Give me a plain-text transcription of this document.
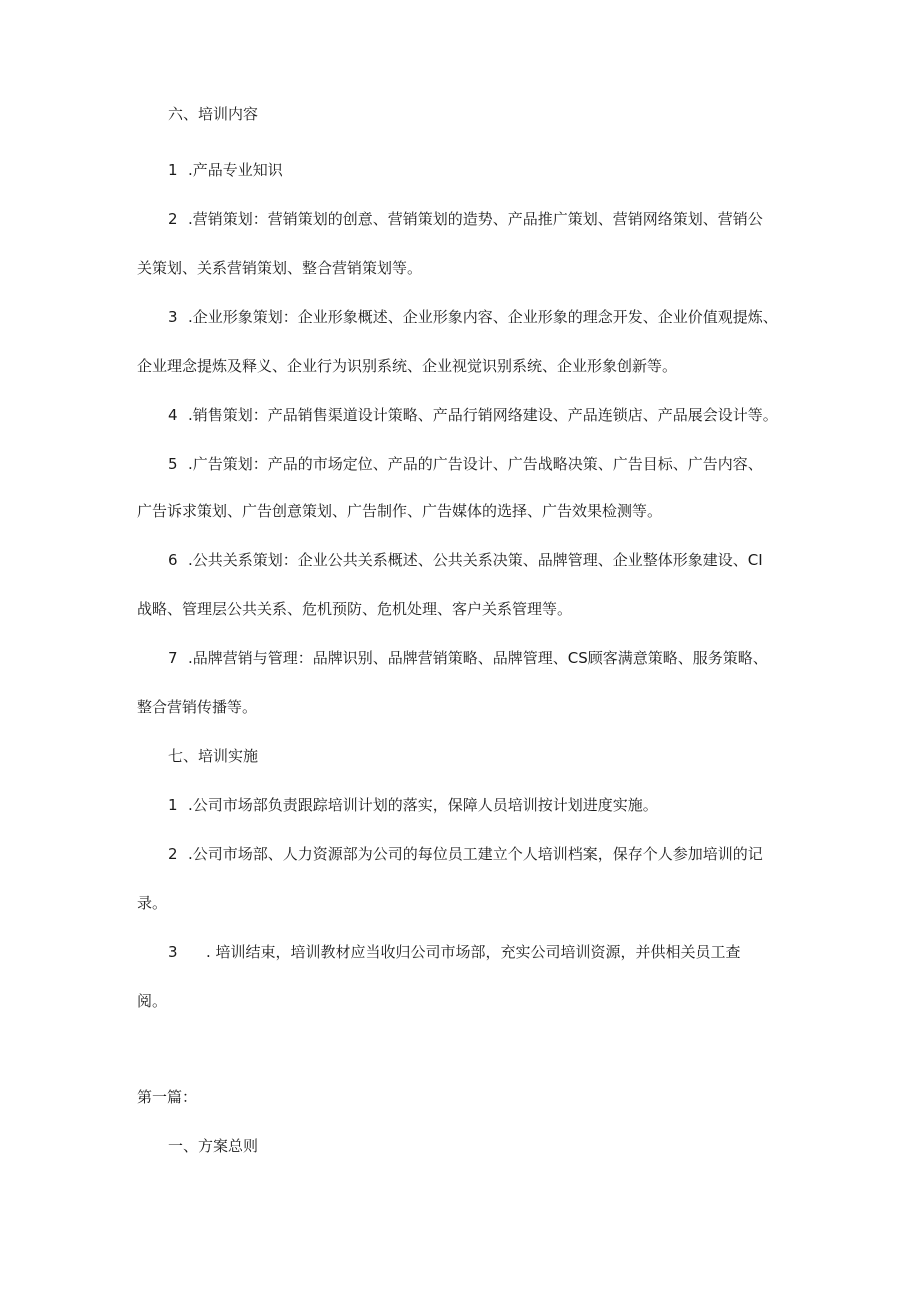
六、培训内容
1 .产品专业知识
2 .营销策划：营销策划的创意、营销策划的造势、产品推广策划、营销网络策划、营销公
关策划、关系营销策划、整合营销策划等。
3 .企业形象策划：企业形象概述、企业形象内容、企业形象的理念开发、企业价值观提炼、
企业理念提炼及释义、企业行为识别系统、企业视觉识别系统、企业形象创新等。
4 .销售策划：产品销售渠道设计策略、产品行销网络建设、产品连锁店、产品展会设计等。
5 .广告策划：产品的市场定位、产品的广告设计、广告战略决策、广告目标、广告内容、
广告诉求策划、广告创意策划、广告制作、广告媒体的选择、广告效果检测等。
6 .公共关系策划：企业公共关系概述、公共关系决策、品牌管理、企业整体形象建设、CI
战略、管理层公共关系、危机预防、危机处理、客户关系管理等。
7 .品牌营销与管理：品牌识别、品牌营销策略、品牌管理、CS顾客满意策略、服务策略、
整合营销传播等。
七、培训实施
1 .公司市场部负责跟踪培训计划的落实，保障人员培训按计划进度实施。
2 .公司市场部、人力资源部为公司的每位员工建立个人培训档案，保存个人参加培训的记
录。
3 . 培训结束，培训教材应当收归公司市场部，充实公司培训资源，并供相关员工查
阅。
第一篇：
一、方案总则
